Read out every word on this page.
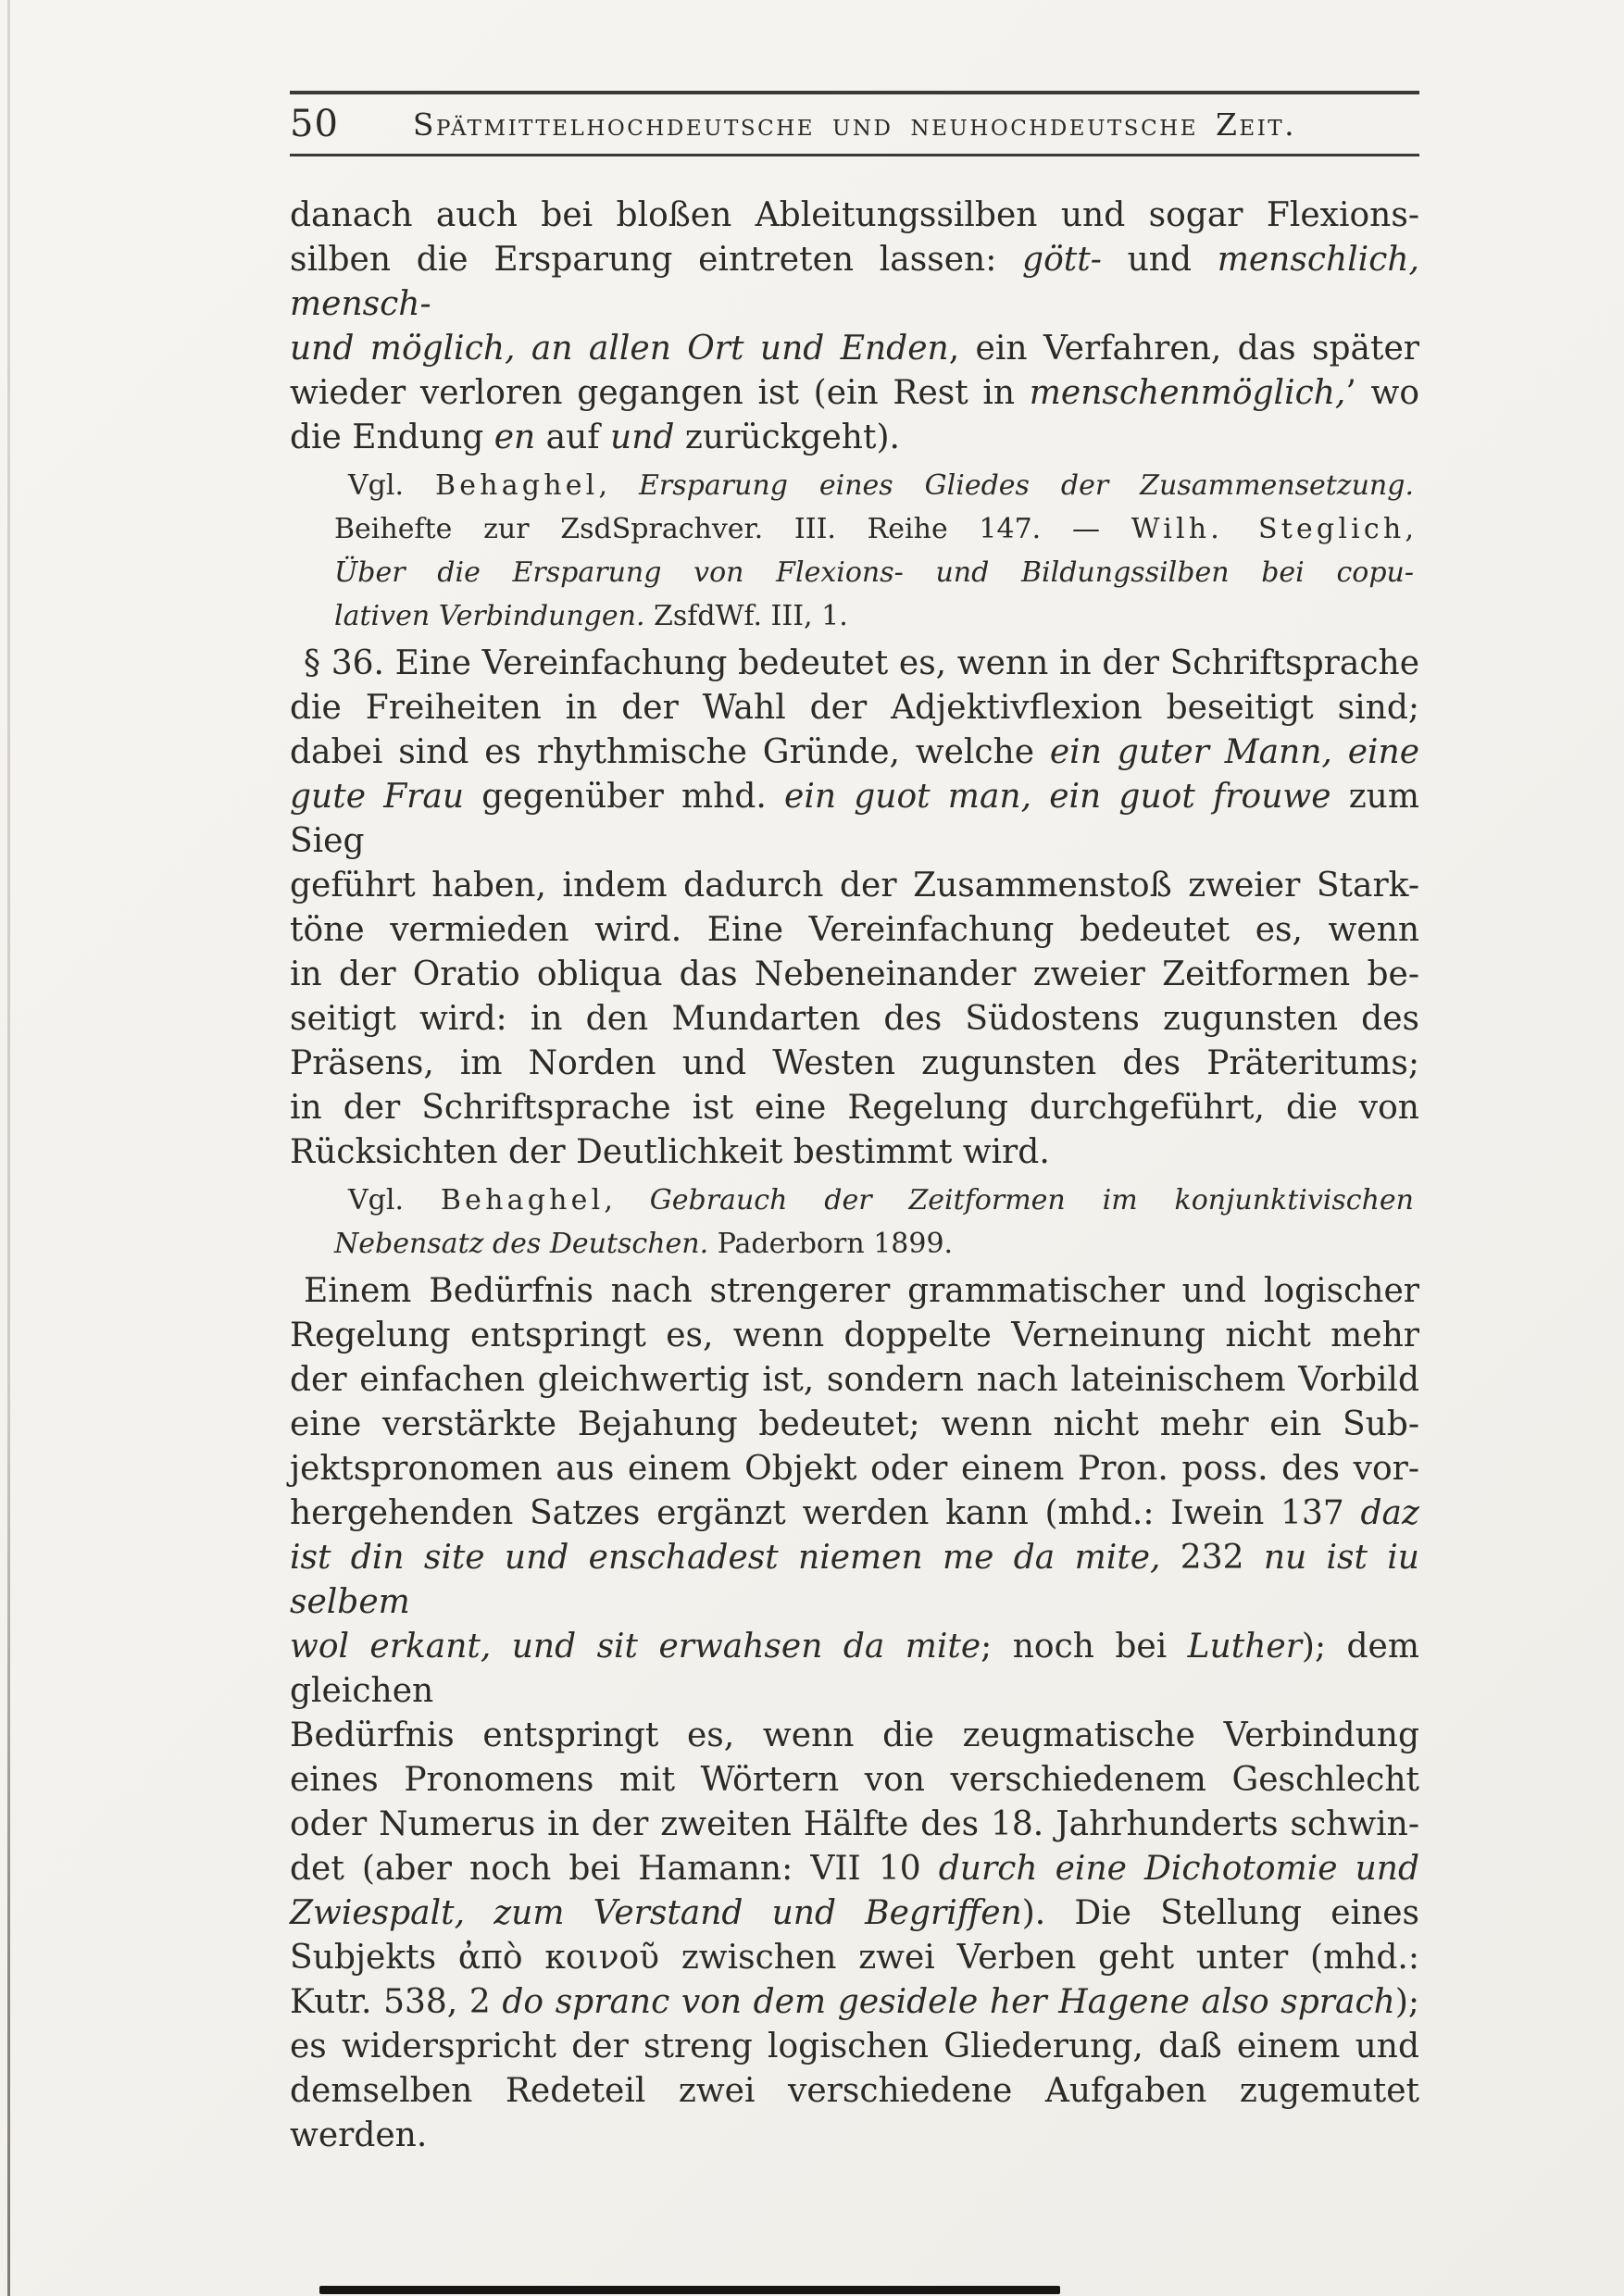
50	Spätmittelhochdeutsche und neuhochdeutsche Zeit.
danach auch bei bloßen Ableitungssilben und sogar Flexions-
silben die Ersparung eintreten lassen: gött- und menschlich, mensch-
und möglich, an allen Ort und Enden, ein Verfahren, das später
wieder verloren gegangen ist (ein Rest in menschenmöglich,’ wo
die Endung en auf und zurückgeht).
Vgl. Behaghel, Ersparung eines Gliedes der Zusammensetzung.
Beihefte zur ZsdSprachver. III. Reihe 147. — Wilh. Steglich,
Über die Ersparung von Flexions- und Bildungssilben bei copu-
lativen Verbindungen. ZsfdWf. III, 1.
§ 36. Eine Vereinfachung bedeutet es, wenn in der Schriftsprache
die Freiheiten in der Wahl der Adjektivflexion beseitigt sind;
dabei sind es rhythmische Gründe, welche ein guter Mann, eine
gute Frau gegenüber mhd. ein guot man, ein guot frouwe zum Sieg
geführt haben, indem dadurch der Zusammenstoß zweier Stark-
töne vermieden wird. Eine Vereinfachung bedeutet es, wenn
in der Oratio obliqua das Nebeneinander zweier Zeitformen be-
seitigt wird: in den Mundarten des Südostens zugunsten des
Präsens, im Norden und Westen zugunsten des Präteritums;
in der Schriftsprache ist eine Regelung durchgeführt, die von
Rücksichten der Deutlichkeit bestimmt wird.
Vgl. Behaghel, Gebrauch der Zeitformen im konjunktivischen
Nebensatz des Deutschen. Paderborn 1899.
Einem Bedürfnis nach strengerer grammatischer und logischer
Regelung entspringt es, wenn doppelte Verneinung nicht mehr
der einfachen gleichwertig ist, sondern nach lateinischem Vorbild
eine verstärkte Bejahung bedeutet; wenn nicht mehr ein Sub-
jektspronomen aus einem Objekt oder einem Pron. poss. des vor-
hergehenden Satzes ergänzt werden kann (mhd.: Iwein 137 daz
ist din site und enschadest niemen me da mite, 232 nu ist iu selbem
wol erkant, und sit erwahsen da mite; noch bei Luther); dem gleichen
Bedürfnis entspringt es, wenn die zeugmatische Verbindung
eines Pronomens mit Wörtern von verschiedenem Geschlecht
oder Numerus in der zweiten Hälfte des 18. Jahrhunderts schwin-
det (aber noch bei Hamann: VII 10 durch eine Dichotomie und
Zwiespalt, zum Verstand und Begriffen). Die Stellung eines
Subjekts ἀπὸ κοινοῦ zwischen zwei Verben geht unter (mhd.:
Kutr. 538, 2 do spranc von dem gesidele her Hagene also sprach);
es widerspricht der streng logischen Gliederung, daß einem und
demselben Redeteil zwei verschiedene Aufgaben zugemutet
werden.
